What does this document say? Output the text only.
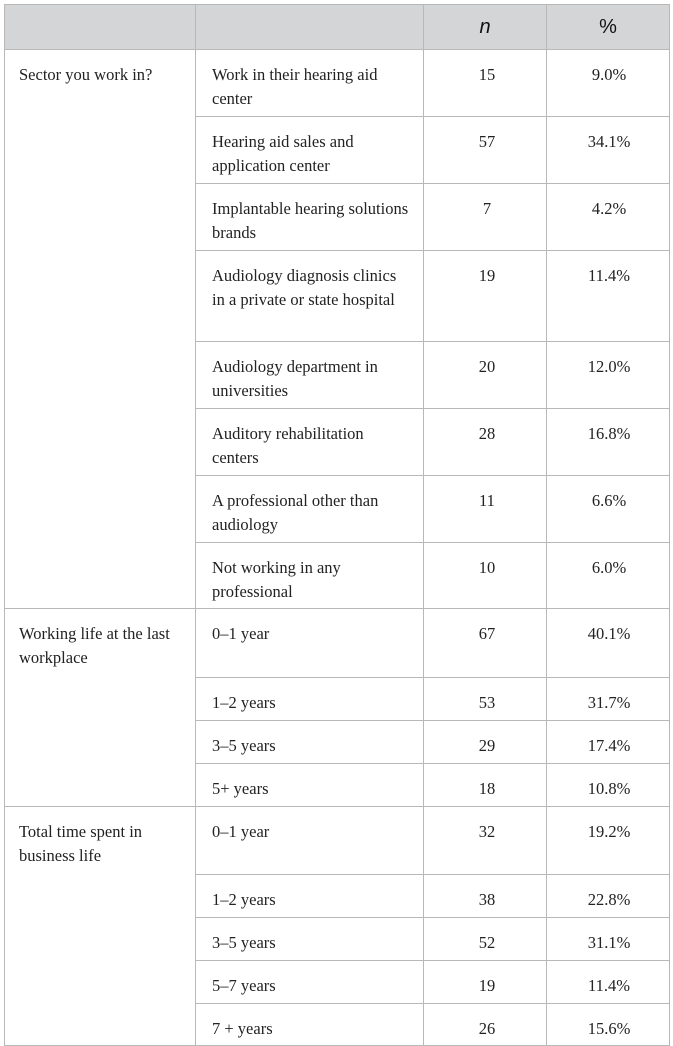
		n	%
Sector you work in?	Work in their hearing aid center	15	9.0%
	Hearing aid sales and application center	57	34.1%
	Implantable hearing solutions brands	7	4.2%
	Audiology diagnosis clinics in a private or state hospital	19	11.4%
	Audiology department in universities	20	12.0%
	Auditory rehabilitation centers	28	16.8%
	A professional other than audiology	11	6.6%
	Not working in any professional	10	6.0%
Working life at the last workplace	0–1 year	67	40.1%
	1–2 years	53	31.7%
	3–5 years	29	17.4%
	5+ years	18	10.8%
Total time spent in business life	0–1 year	32	19.2%
	1–2 years	38	22.8%
	3–5 years	52	31.1%
	5–7 years	19	11.4%
	7 + years	26	15.6%
